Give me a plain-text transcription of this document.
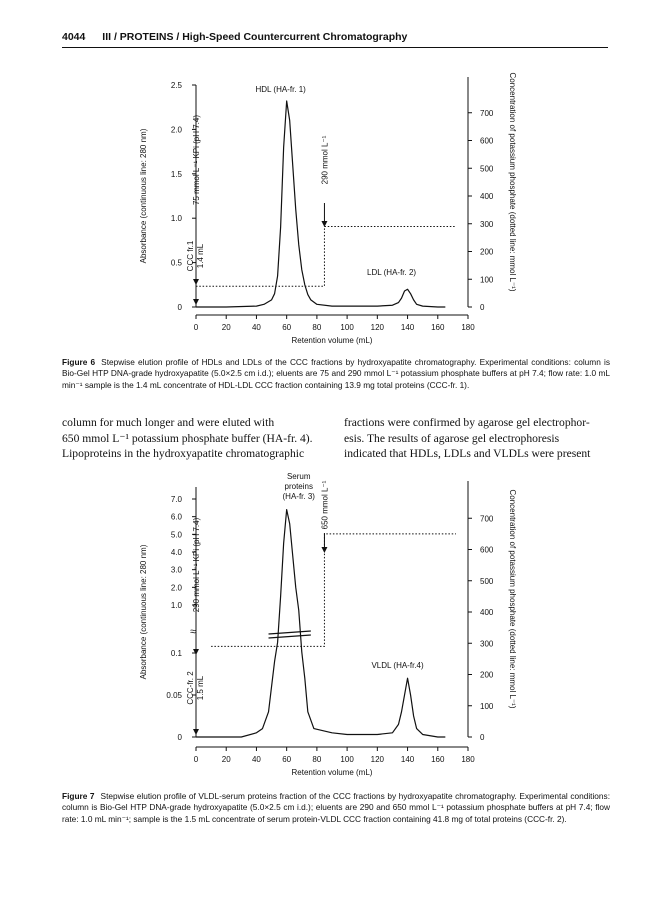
4044 III / PROTEINS / High-Speed Countercurrent Chromatography
0	20	40	60	80 100 120 140 160 180
Retention volume (mL)
0
0.5
1.0
1.5
2.0
2.5
Absorbance (continuous line: 280 nm)
0
100
200
300
400
500
600
700 Concentration of potassium phosphate (dotted line: mmol L⁻¹)
HDL (HA-fr. 1)
LDL (HA-fr. 2)
75 mmol L⁻¹ KPi (pH 7.4)	290 mmol L⁻¹
CCC fr.1 1.4 mL
Figure 6 Stepwise elution profile of HDLs and LDLs of the CCC fractions by hydroxyapatite chromatography. Experimental conditions: column is Bio-Gel HTP DNA-grade hydroxyapatite (5.0×2.5 cm i.d.); eluents are 75 and 290 mmol L⁻¹ potassium phosphate buffers at pH 7.4; flow rate: 1.0 mL min⁻¹ sample is the 1.4 mL concentrate of HDL-LDL CCC fraction containing 13.9 mg total proteins (CCC-fr. 1).
column for much longer and were eluted with
650 mmol L⁻¹ potassium phosphate buffer (HA-fr. 4).
Lipoproteins in the hydroxyapatite chromatographic
fractions were confirmed by agarose gel electrophor-
esis. The results of agarose gel electrophoresis
indicated that HDLs, LDLs and VLDLs were present
0	20	40	60	80 100 120 140 160 180
Retention volume (mL)
0
0.05
0.1
1.0
2.0
3.0
4.0
5.0
6.0
7.0
Absorbance (continuous line: 280 nm)
0
100
200
300
400
500
600
700 Concentration of potassium phosphate (dotted line: mmol L⁻¹)
≈
Serum
proteins
(HA-fr. 3)
VLDL (HA-fr.4)
290 mmol L⁻¹ KPi (pH 7.4)
650 mmol L⁻¹
CCC-fr. 2 1.5 mL
Figure 7 Stepwise elution profile of VLDL-serum proteins fraction of the CCC fractions by hydroxyapatite chromatography. Experimental conditions: column is Bio-Gel HTP DNA-grade hydroxyapatite (5.0×2.5 cm i.d.); eluents are 290 and 650 mmol L⁻¹ potassium phosphate buffers at pH 7.4; flow rate: 1.0 mL min⁻¹; sample is the 1.5 mL concentrate of serum protein-VLDL CCC fraction containing 41.8 mg of total proteins (CCC-fr. 2).
